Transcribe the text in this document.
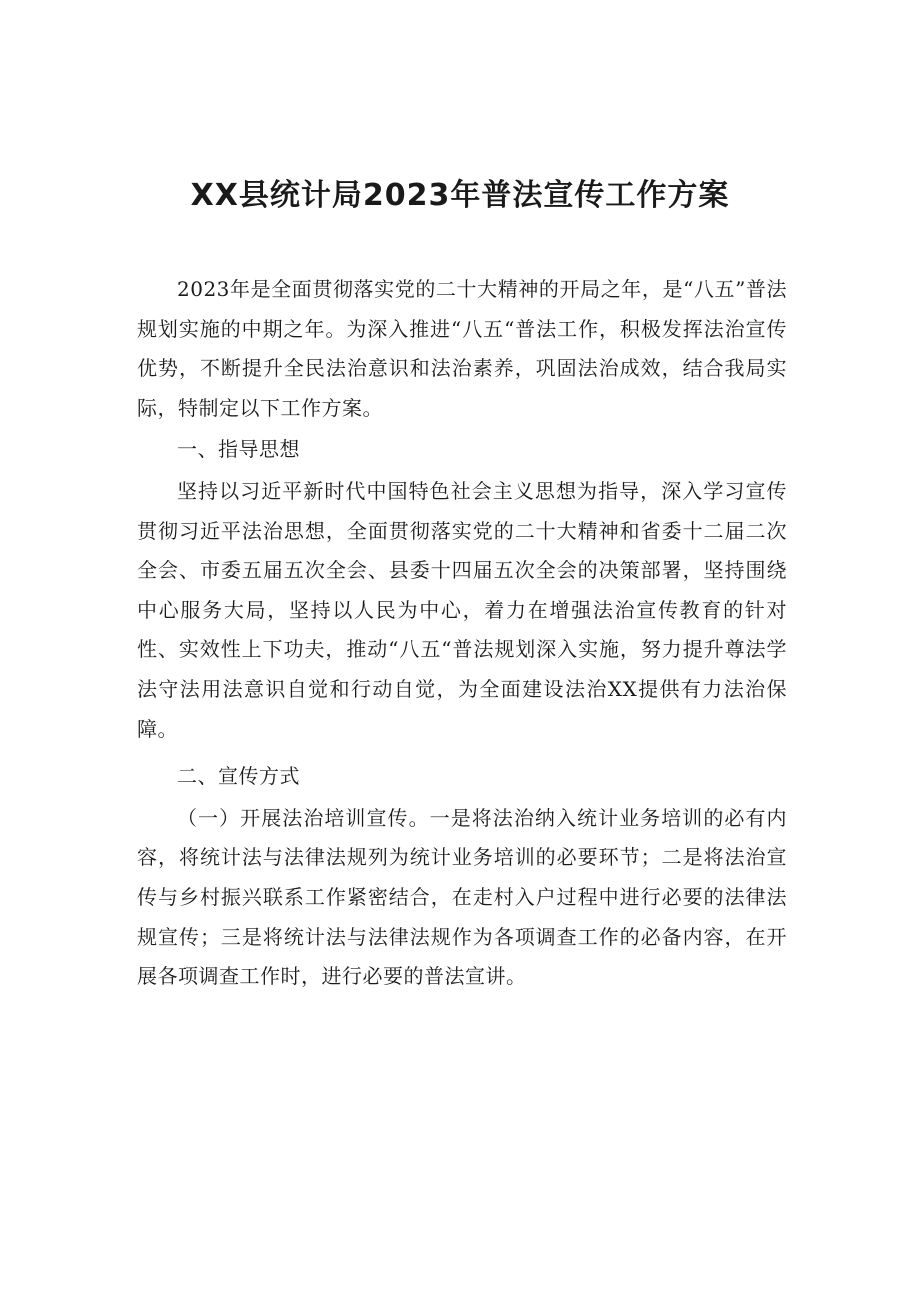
XX县统计局2023年普法宣传工作方案

2023年是全面贯彻落实党的二十大精神的开局之年，是“八五”普法规划实施的中期之年。为深入推进“八五“普法工作，积极发挥法治宣传优势，不断提升全民法治意识和法治素养，巩固法治成效，结合我局实际，特制定以下工作方案。

一、指导思想

坚持以习近平新时代中国特色社会主义思想为指导，深入学习宣传贯彻习近平法治思想，全面贯彻落实党的二十大精神和省委十二届二次全会、市委五届五次全会、县委十四届五次全会的决策部署，坚持围绕中心服务大局，坚持以人民为中心，着力在增强法治宣传教育的针对性、实效性上下功夫，推动“八五“普法规划深入实施，努力提升尊法学法守法用法意识自觉和行动自觉，为全面建设法治XX提供有力法治保障。

二、宣传方式

（一）开展法治培训宣传。一是将法治纳入统计业务培训的必有内容，将统计法与法律法规列为统计业务培训的必要环节；二是将法治宣传与乡村振兴联系工作紧密结合，在走村入户过程中进行必要的法律法规宣传；三是将统计法与法律法规作为各项调查工作的必备内容，在开展各项调查工作时，进行必要的普法宣讲。
